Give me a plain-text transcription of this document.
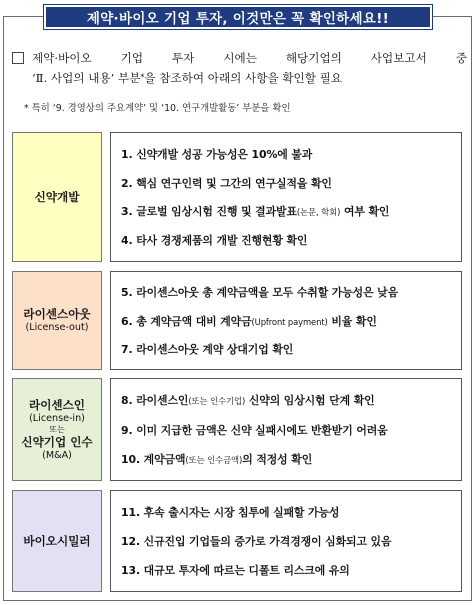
제약·바이오 기업 투자, 이것만은 꼭 확인하세요!!
제약·바이오 기업 투자 시에는 해당기업의 사업보고서 중
‘Ⅱ. 사업의 내용’ 부분 * 을 참조하여 아래의 사항을 확인할 필요
* 특히 ‘9. 경영상의 주요계약’ 및 ‘10. 연구개발활동’ 부분을 확인
신약개발
1. 신약개발 성공 가능성은 10%에 불과
2. 핵심 연구인력 및 그간의 연구실적을 확인
3. 글로벌 임상시험 진행 및 결과발표(논문, 학회) 여부 확인
4. 타사 경쟁제품의 개발 진행현황 확인
라이센스아웃
(License-out)
5. 라이센스아웃 총 계약금액을 모두 수취할 가능성은 낮음
6. 총 계약금액 대비 계약금(Upfront payment) 비율 확인
7. 라이센스아웃 계약 상대기업 확인
라이센스인
(License-in)
또는
신약기업 인수
(M&A)
8. 라이센스인(또는 인수기업) 신약의 임상시험 단계 확인
9. 이미 지급한 금액은 신약 실패시에도 반환받기 어려움
10. 계약금액(또는 인수금액)의 적정성 확인
바이오시밀러
11. 후속 출시자는 시장 침투에 실패할 가능성
12. 신규진입 기업들의 증가로 가격경쟁이 심화되고 있음
13. 대규모 투자에 따르는 디폴트 리스크에 유의
